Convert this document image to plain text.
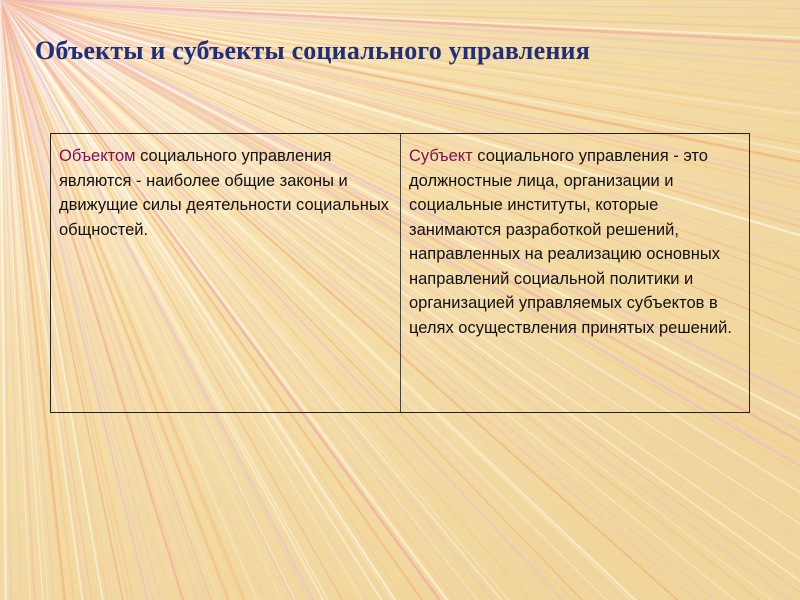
Объекты и субъекты социального управления
Объектом социального управления являются - наиболее общие законы и движущие силы деятельности социальных общностей.
Субъект социального управления - это должностные лица, организации и социальные институты, которые занимаются разработкой решений, направленных на реализацию основных направлений социальной политики и организацией управляемых субъектов в целях осуществления принятых решений.
